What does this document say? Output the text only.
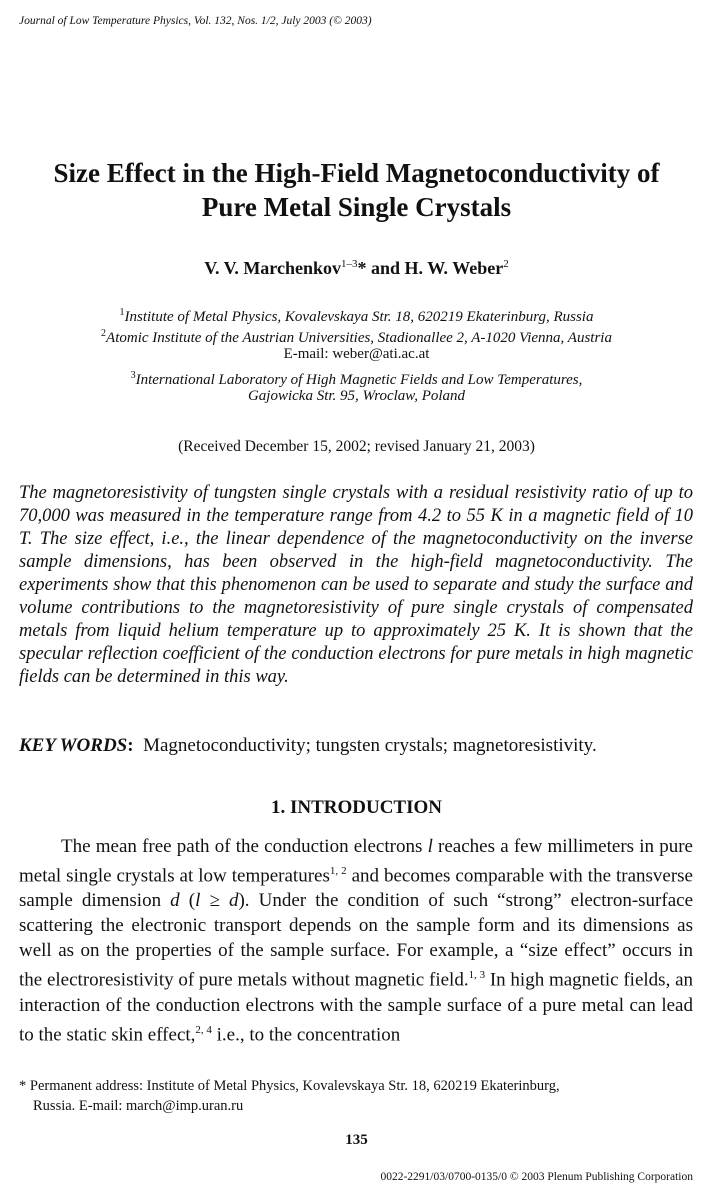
Journal of Low Temperature Physics, Vol. 132, Nos. 1/2, July 2003 (© 2003)
Size Effect in the High-Field Magnetoconductivity of
Pure Metal Single Crystals
V. V. Marchenkov$^{1-3}$* and H. W. Weber$^2$
$^1$Institute of Metal Physics, Kovalevskaya Str. 18, 620219 Ekaterinburg, Russia
$^2$Atomic Institute of the Austrian Universities, Stadionallee 2, A-1020 Vienna, Austria
E-mail: weber@ati.ac.at
$^3$International Laboratory of High Magnetic Fields and Low Temperatures,
Gajowicka Str. 95, Wroclaw, Poland
(Received December 15, 2002; revised January 21, 2003)
The magnetoresistivity of tungsten single crystals with a residual resistivity ratio of up to 70,000 was measured in the temperature range from 4.2 to 55 K in a magnetic field of 10 T. The size effect, i.e., the linear dependence of the magnetoconductivity on the inverse sample dimensions, has been observed in the high-field magnetoconductivity. The experiments show that this phenomenon can be used to separate and study the surface and volume contributions to the magnetoresistivity of pure single crystals of compensated metals from liquid helium temperature up to approximately 25 K. It is shown that the specular reflection coefficient of the conduction electrons for pure metals in high magnetic fields can be determined in this way.
KEY WORDS: Magnetoconductivity; tungsten crystals; magnetoresistivity.
1. INTRODUCTION

The mean free path of the conduction electrons l reaches a few millimeters in pure metal single crystals at low temperatures$^{1, 2}$ and becomes comparable with the transverse sample dimension d (l ≥ d). Under the condition of such “strong” electron-surface scattering the electronic transport depends on the sample form and its dimensions as well as on the properties of the sample surface. For example, a “size effect” occurs in the electroresistivity of pure metals without magnetic field.$^{1, 3}$ In high magnetic fields, an interaction of the conduction electrons with the sample surface of a pure metal can lead to the static skin effect,$^{2, 4}$ i.e., to the concentration

* Permanent address: Institute of Metal Physics, Kovalevskaya Str. 18, 620219 Ekaterinburg,
Russia. E-mail: march@imp.uran.ru
135
0022-2291/03/0700-0135/0 © 2003 Plenum Publishing Corporation
